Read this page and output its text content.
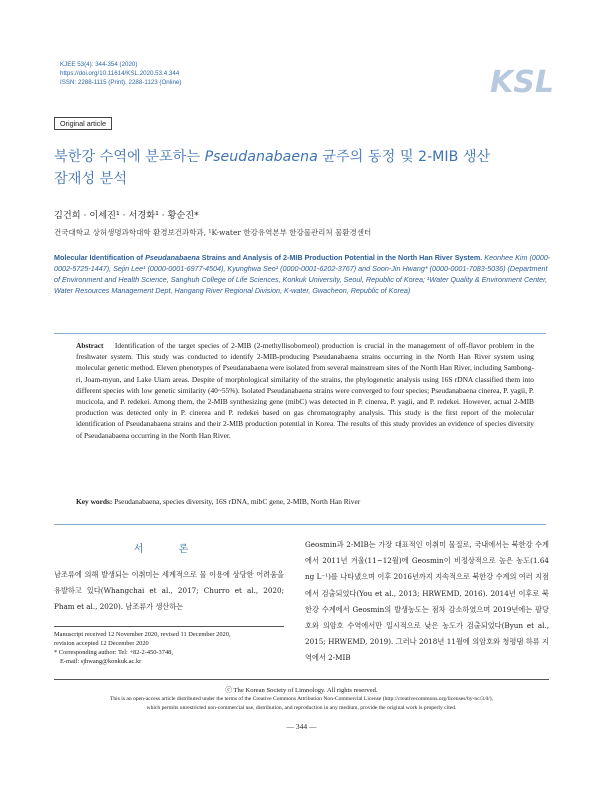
KJEE 53(4): 344-354 (2020)
https://doi.org/10.11614/KSL.2020.53.4.344
ISSN: 2288-1115 (Print), 2288-1123 (Online)	KSL
Original article
북한강 수역에 분포하는 Pseudanabaena 균주의 동정 및 2-MIB 생산
잠재성 분석
김건희 · 이세진¹ · 서경화¹ · 황순진*
건국대학교 상허생명과학대학 환경보건과학과, ¹K-water 한강유역본부 한강물관리처 물환경센터
Molecular Identification of Pseudanabaena Strains and Analysis of 2-MIB Production Potential in the North Han River System. Keonhee Kim (0000-0002-5725-1447), Sejin Lee¹ (0000-0001-6977-4504), Kyunghwa Seo¹ (0000-0001-6202-3767) and Soon-Jin Hwang* (0000-0001-7083-5036) (Department of Environment and Health Science, Sanghuh College of Life Sciences, Konkuk University, Seoul, Republic of Korea; ¹Water Quality & Environment Center, Water Resources Management Dept, Hangang River Regional Division, K-water, Gwacheon, Republic of Korea)
Abstract Identification of the target species of 2-MIB (2-methyllisoborneol) production is crucial in the management of off-flavor problem in the freshwater system. This study was conducted to identify 2-MIB-producing Pseudanabaena strains occurring in the North Han River system using molecular genetic method. Eleven phenotypes of Pseudanabaena were isolated from several mainstream sites of the North Han River, including Sambong-ri, Joam-myun, and Lake Uiam areas. Despite of morphological similarity of the strains, the phylogenetic analysis using 16S rDNA classified them into different species with low genetic similarity (40~55%). Isolated Pseudanabaena strains were converged to four species; Pseudanabaena cinerea, P. yagii, P. mucicola, and P. redekei. Among them, the 2-MIB synthesizing gene (mibC) was detected in P. cinerea, P. yagii, and P. redekei. However, actual 2-MIB production was detected only in P. cinerea and P. redekei based on gas chromatography analysis. This study is the first report of the molecular identification of Pseudanabaena strains and their 2-MIB production potential in Korea. The results of this study provides an evidence of species diversity of Pseudanabaena occurring in the North Han River.
Key words: Pseudanabaena, species diversity, 16S rDNA, mibC gene, 2-MIB, North Han River
서 론
남조류에 의해 발생되는 이취미는 세계적으로 물 이용에 상당한 어려움을 유발하고 있다(Whangchai et al., 2017; Churro et al., 2020; Pham et al., 2020). 남조류가 생산하는
Geosmin과 2-MIB는 가장 대표적인 이취미 물질로, 국내에서는 북한강 수계에서 2011년 겨울(11~12월)에 Geosmin이 비정상적으로 높은 농도(1.64 ng L⁻¹)를 나타냈으며 이후 2016년까지 지속적으로 북한강 수계의 여러 지점에서 검출되었다(You et al., 2013; HRWEMD, 2016). 2014년 이후로 북한강 수계에서 Geosmin의 발생농도는 점차 감소하였으며 2019년에는 팔당호와 의암호 수역에서만 일시적으로 낮은 농도가 검출되었다(Byun et al., 2015; HRWEMD, 2019). 그러나 2018년 11월에 의암호와 청평댐 하류 지역에서 2-MIB
Manuscript received 12 November 2020, revised 11 December 2020,
revision accepted 12 December 2020
* Corresponding author: Tel: +82-2-450-3748,
E-mail: sjhwang@konkuk.ac.kr
ⓒ The Korean Society of Limnology. All rights reserved.
This is an open-access article distributed under the terms of the Creative Commons Attribution Non-Commercial License (http://creativecommons.org/licenses/by-nc/3.0/),
which permits unrestricted non-commercial use, distribution, and reproduction in any medium, provide the original work is properly cited.
— 344 —
